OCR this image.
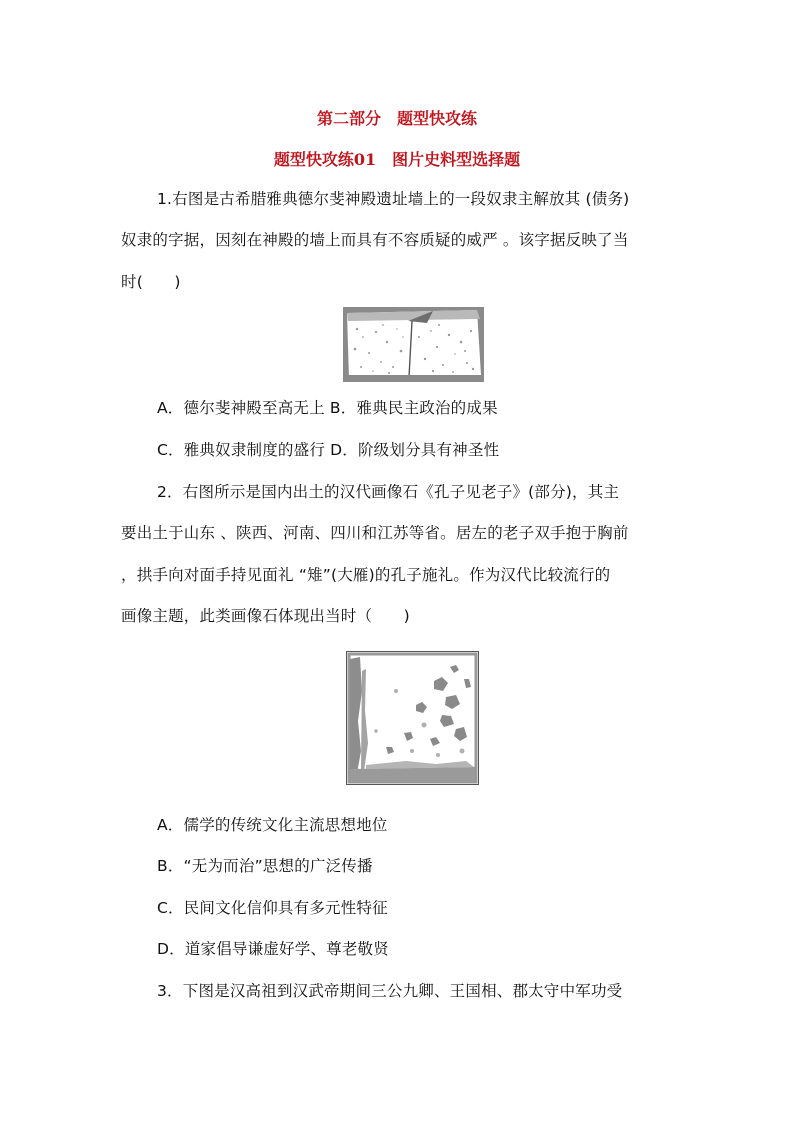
第二部分　题型快攻练
题型快攻练01　图片史料型选择题
1.右图是古希腊雅典德尔斐神殿遗址墙上的一段奴隶主解放其 (债务)
奴隶的字据，因刻在神殿的墙上而具有不容质疑的威严 。该字据反映了当
时(　　)
A．德尔斐神殿至高无上 B．雅典民主政治的成果
C．雅典奴隶制度的盛行 D．阶级划分具有神圣性
2．右图所示是国内出土的汉代画像石《孔子见老子》(部分)，其主
要出土于山东 、陕西、河南、四川和江苏等省。居左的老子双手抱于胸前
，拱手向对面手持见面礼 “雉”(大雁)的孔子施礼。作为汉代比较流行的
画像主题，此类画像石体现出当时（　　)
A．儒学的传统文化主流思想地位
B．“无为而治”思想的广泛传播
C．民间文化信仰具有多元性特征
D．道家倡导谦虚好学、尊老敬贤
3．下图是汉高祖到汉武帝期间三公九卿、王国相、郡太守中军功受
